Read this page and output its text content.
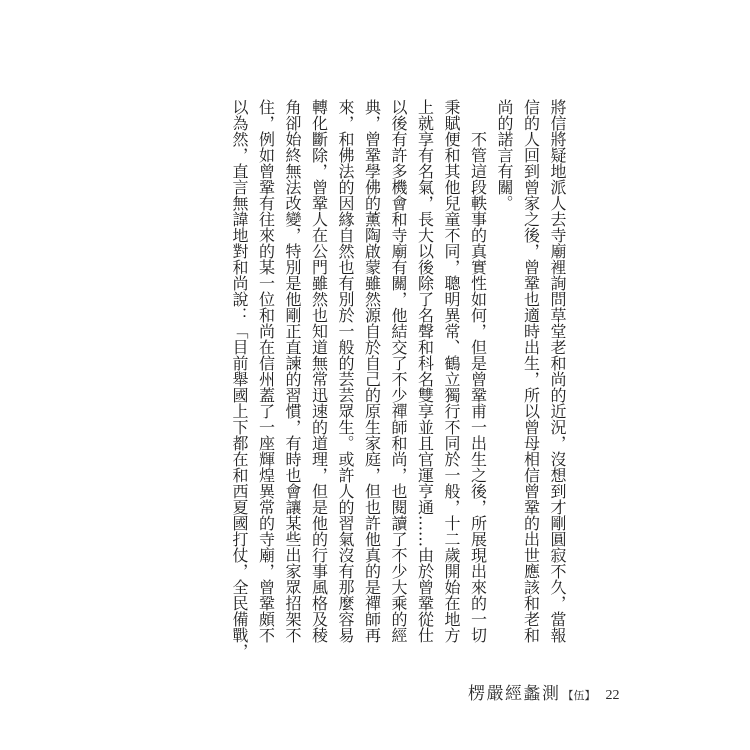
將信將疑地派人去寺廟裡詢問草堂老和尚的近況，沒想到才剛圓寂不久，當報
信的人回到曾家之後，曾鞏也適時出生，所以曾母相信曾鞏的出世應該和老和
尚的諾言有關。
不管這段軼事的真實性如何，但是曾鞏甫一出生之後，所展現出來的一切
秉賦便和其他兒童不同，聰明異常、鶴立獨行不同於一般，十二歲開始在地方
上就享有名氣，長大以後除了名聲和科名雙享並且官運亨通……由於曾鞏從仕
以後有許多機會和寺廟有關，他結交了不少禪師和尚，也閱讀了不少大乘的經
典，曾鞏學佛的薰陶啟蒙雖然源自於自己的原生家庭，但也許他真的是禪師再
來，和佛法的因緣自然也有別於一般的芸芸眾生。或許人的習氣沒有那麼容易
轉化斷除，曾鞏人在公門雖然也知道無常迅速的道理，但是他的行事風格及稜
角卻始終無法改變，特別是他剛正直諫的習慣，有時也會讓某些出家眾招架不
住，例如曾鞏有往來的某一位和尚在信州蓋了一座輝煌異常的寺廟，曾鞏頗不
以為然，直言無諱地對和尚說：「目前舉國上下都在和西夏國打仗，全民備戰，
楞嚴經蠡測 【伍】 22
